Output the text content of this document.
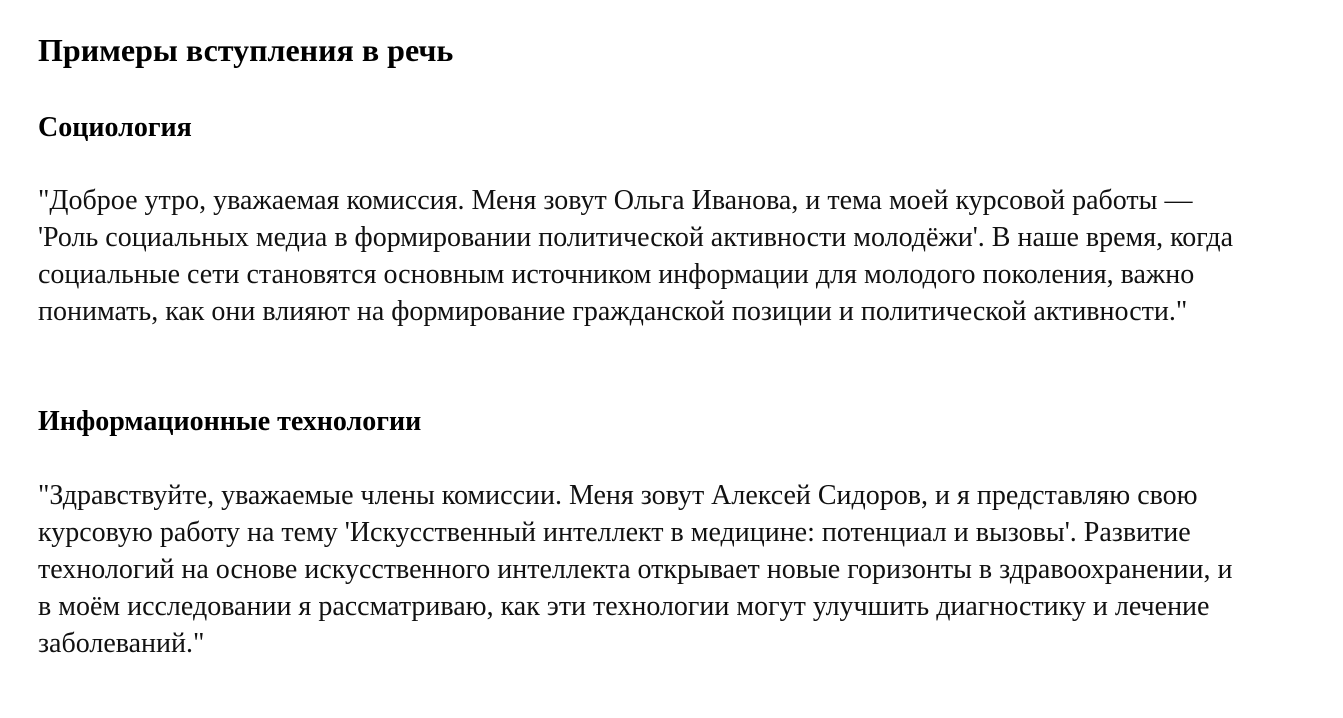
Примеры вступления в речь
Социология

"Доброе утро, уважаемая комиссия. Меня зовут Ольга Иванова, и тема моей курсовой работы — 'Роль социальных медиа в формировании политической активности молодёжи'. В наше время, когда социальные сети становятся основным источником информации для молодого поколения, важно понимать, как они влияют на формирование гражданской позиции и политической активности."

Информационные технологии

"Здравствуйте, уважаемые члены комиссии. Меня зовут Алексей Сидоров, и я представляю свою курсовую работу на тему 'Искусственный интеллект в медицине: потенциал и вызовы'. Развитие технологий на основе искусственного интеллекта открывает новые горизонты в здравоохранении, и в моём исследовании я рассматриваю, как эти технологии могут улучшить диагностику и лечение заболеваний."
